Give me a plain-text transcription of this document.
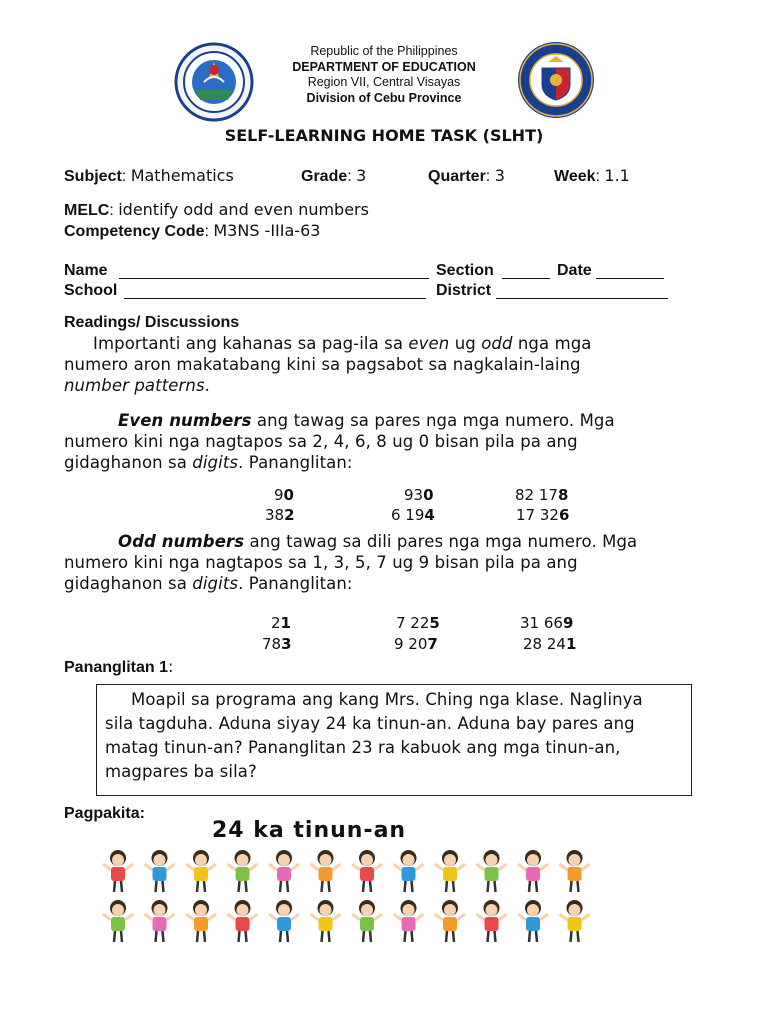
Republic of the Philippines
DEPARTMENT OF EDUCATION
Region VII, Central Visayas
Division of Cebu Province
SELF-LEARNING HOME TASK (SLHT)
Subject: Mathematics	Grade: 3	Quarter: 3	Week: 1.1
MELC: identify odd and even numbers
Competency Code: M3NS -IIIa-63
Name	Section	Date
School	District
Readings/ Discussions
Importanti ang kahanas sa pag-ila sa even ug odd nga mga
numero aron makatabang kini sa pagsabot sa nagkalain-laing
number patterns.
Even numbers ang tawag sa pares nga mga numero. Mga
numero kini nga nagtapos sa 2, 4, 6, 8 ug 0 bisan pila pa ang
gidaghanon sa digits. Pananglitan:
90	930	82 178
382	6 194	17 326
Odd numbers ang tawag sa dili pares nga mga numero. Mga
numero kini nga nagtapos sa 1, 3, 5, 7 ug 9 bisan pila pa ang
gidaghanon sa digits. Pananglitan:
21	7 225	31 669
783	9 207	28 241
Pananglitan 1:
Moapil sa programa ang kang Mrs. Ching nga klase. Naglinya
sila tagduha. Aduna siyay 24 ka tinun-an. Aduna bay pares ang
matag tinun-an? Pananglitan 23 ra kabuok ang mga tinun-an,
magpares ba sila?
Pagpakita:
24 ka tinun-an
